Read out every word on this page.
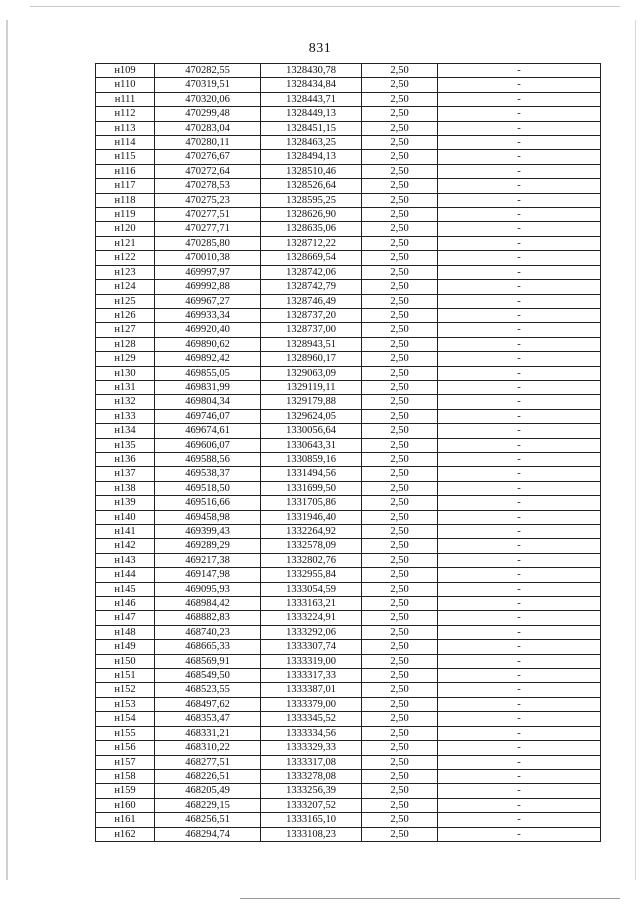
831
н109	470282,55	1328430,78	2,50	-
н110	470319,51	1328434,84	2,50	-
н111	470320,06	1328443,71	2,50	-
н112	470299,48	1328449,13	2,50	-
н113	470283,04	1328451,15	2,50	-
н114	470280,11	1328463,25	2,50	-
н115	470276,67	1328494,13	2,50	-
н116	470272,64	1328510,46	2,50	-
н117	470278,53	1328526,64	2,50	-
н118	470275,23	1328595,25	2,50	-
н119	470277,51	1328626,90	2,50	-
н120	470277,71	1328635,06	2,50	-
н121	470285,80	1328712,22	2,50	-
н122	470010,38	1328669,54	2,50	-
н123	469997,97	1328742,06	2,50	-
н124	469992,88	1328742,79	2,50	-
н125	469967,27	1328746,49	2,50	-
н126	469933,34	1328737,20	2,50	-
н127	469920,40	1328737,00	2,50	-
н128	469890,62	1328943,51	2,50	-
н129	469892,42	1328960,17	2,50	-
н130	469855,05	1329063,09	2,50	-
н131	469831,99	1329119,11	2,50	-
н132	469804,34	1329179,88	2,50	-
н133	469746,07	1329624,05	2,50	-
н134	469674,61	1330056,64	2,50	-
н135	469606,07	1330643,31	2,50	-
н136	469588,56	1330859,16	2,50	-
н137	469538,37	1331494,56	2,50	-
н138	469518,50	1331699,50	2,50	-
н139	469516,66	1331705,86	2,50	-
н140	469458,98	1331946,40	2,50	-
н141	469399,43	1332264,92	2,50	-
н142	469289,29	1332578,09	2,50	-
н143	469217,38	1332802,76	2,50	-
н144	469147,98	1332955,84	2,50	-
н145	469095,93	1333054,59	2,50	-
н146	468984,42	1333163,21	2,50	-
н147	468882,83	1333224,91	2,50	-
н148	468740,23	1333292,06	2,50	-
н149	468665,33	1333307,74	2,50	-
н150	468569,91	1333319,00	2,50	-
н151	468549,50	1333317,33	2,50	-
н152	468523,55	1333387,01	2,50	-
н153	468497,62	1333379,00	2,50	-
н154	468353,47	1333345,52	2,50	-
н155	468331,21	1333334,56	2,50	-
н156	468310,22	1333329,33	2,50	-
н157	468277,51	1333317,08	2,50	-
н158	468226,51	1333278,08	2,50	-
н159	468205,49	1333256,39	2,50	-
н160	468229,15	1333207,52	2,50	-
н161	468256,51	1333165,10	2,50	-
н162	468294,74	1333108,23	2,50	-
